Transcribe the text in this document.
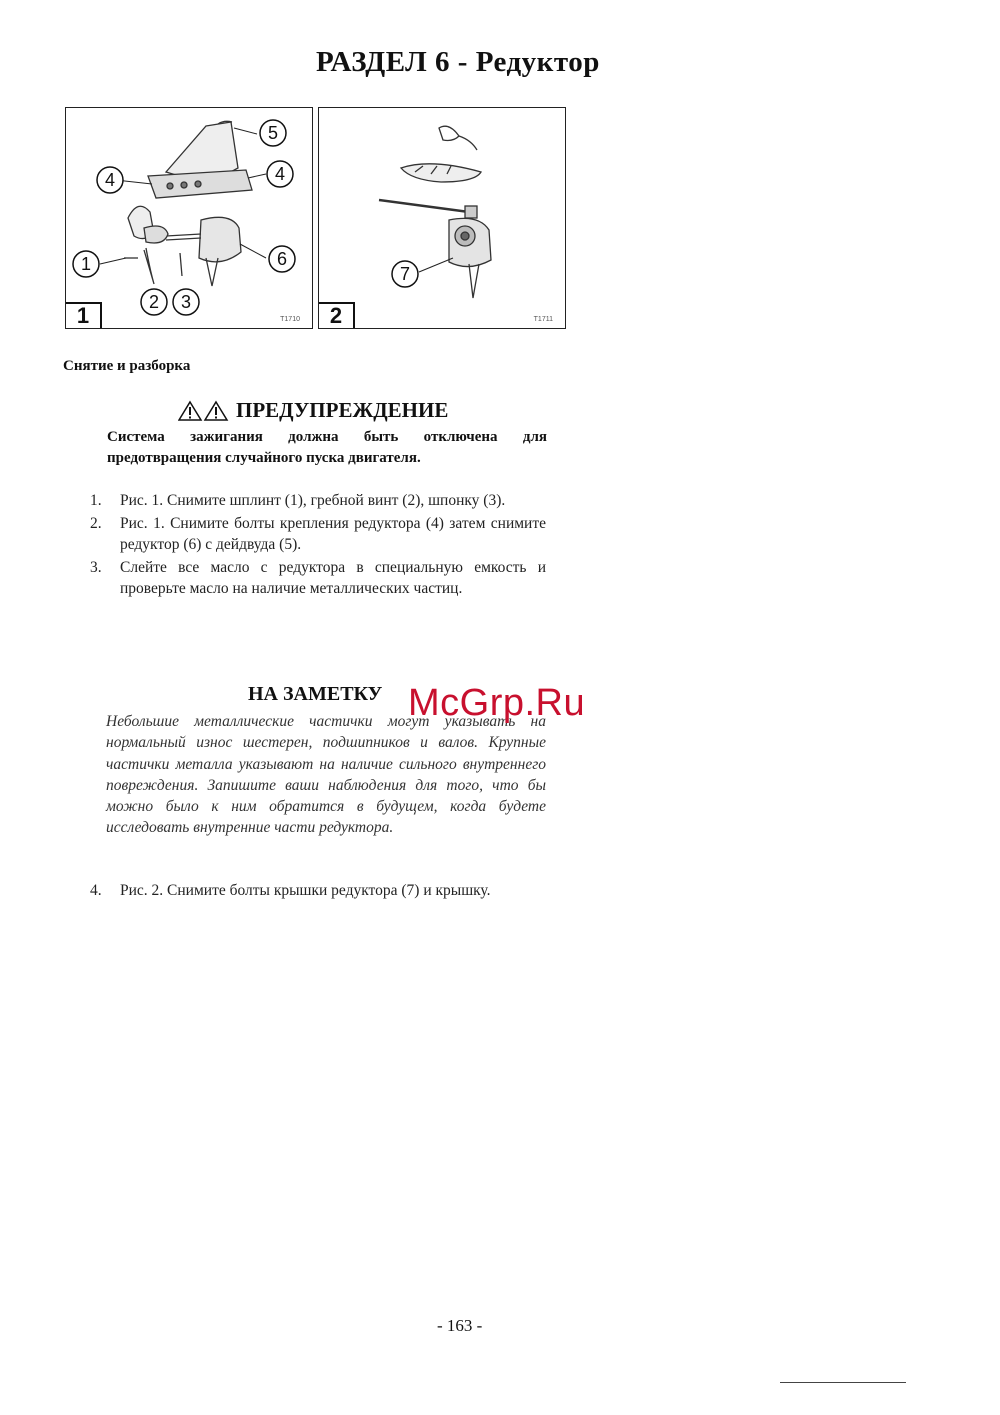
РАЗДЕЛ 6 - Редуктор
5
4	4
1	6
2 3
1	T1710
7
2	T1711
Снятие и разборка
ПРЕДУПРЕЖДЕНИЕ
Система зажигания должна быть отключена для предотвращения случайного пуска двигателя.
1.	Рис. 1. Снимите шплинт (1), гребной винт (2), шпонку (3).
2.	Рис. 1. Снимите болты крепления редуктора (4) затем снимите редуктор (6) с дейдвуда (5).
3.	Слейте все масло с редуктора в специальную емкость и проверьте масло на наличие металлических частиц.
НА ЗАМЕТКУ
Небольшие металлические частички могут указывать на нормальный износ шестерен, подшипников и валов. Крупные частички металла указывают на наличие сильного внутреннего повреждения. Запишите ваши наблюдения для того, что бы можно было к ним обратится в будущем, когда будете исследовать внутренние части редуктора.
McGrp.Ru
4.	Рис. 2. Снимите болты крышки редуктора (7) и крышку.
- 163 -
